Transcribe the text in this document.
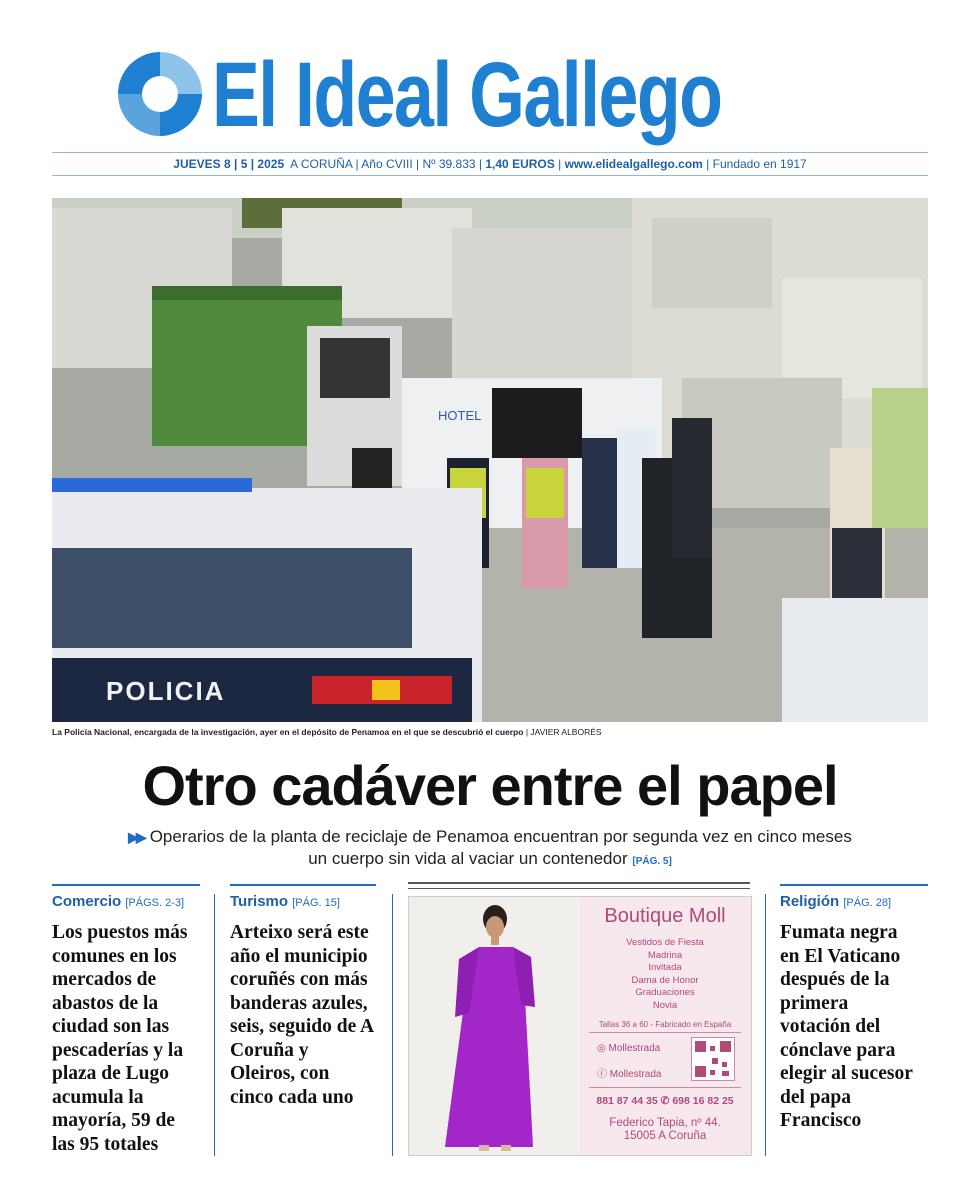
El Ideal Gallego
JUEVES 8 | 5 | 2025 A CORUÑA | Año CVIII | Nº 39.833 | 1,40 EUROS | www.elidealgallego.com | Fundado en 1917
HOTEL
POLICIA
La Policía Nacional, encargada de la investigación, ayer en el depósito de Penamoa en el que se descubrió el cuerpo | JAVIER ALBORÉS
Otro cadáver entre el papel
▶▶ Operarios de la planta de reciclaje de Penamoa encuentran por segunda vez en cinco meses
un cuerpo sin vida al vaciar un contenedor [PÁG. 5]
Comercio [PÁGS. 2-3]
Los puestos más comunes en los mercados de abastos de la ciudad son las pescaderías y la plaza de Lugo acumula la mayoría, 59 de las 95 totales
Turismo [PÁG. 15]
Arteixo será este año el municipio coruñés con más banderas azules, seis, seguido de A Coruña y Oleiros, con cinco cada uno
Boutique Moll
Vestidos de Fiesta
Madrina
Invitada
Dama de Honor
Graduaciones
Novia
Tallas 36 a 60 - Fabricado en España
◎ Mollestrada
ⓕ Mollestrada
881 87 44 35 ✆ 698 16 82 25
Federico Tapia, nº 44.
15005 A Coruña
Religión [PÁG. 28]
Fumata negra en El Vaticano después de la primera votación del cónclave para elegir al sucesor del papa Francisco
